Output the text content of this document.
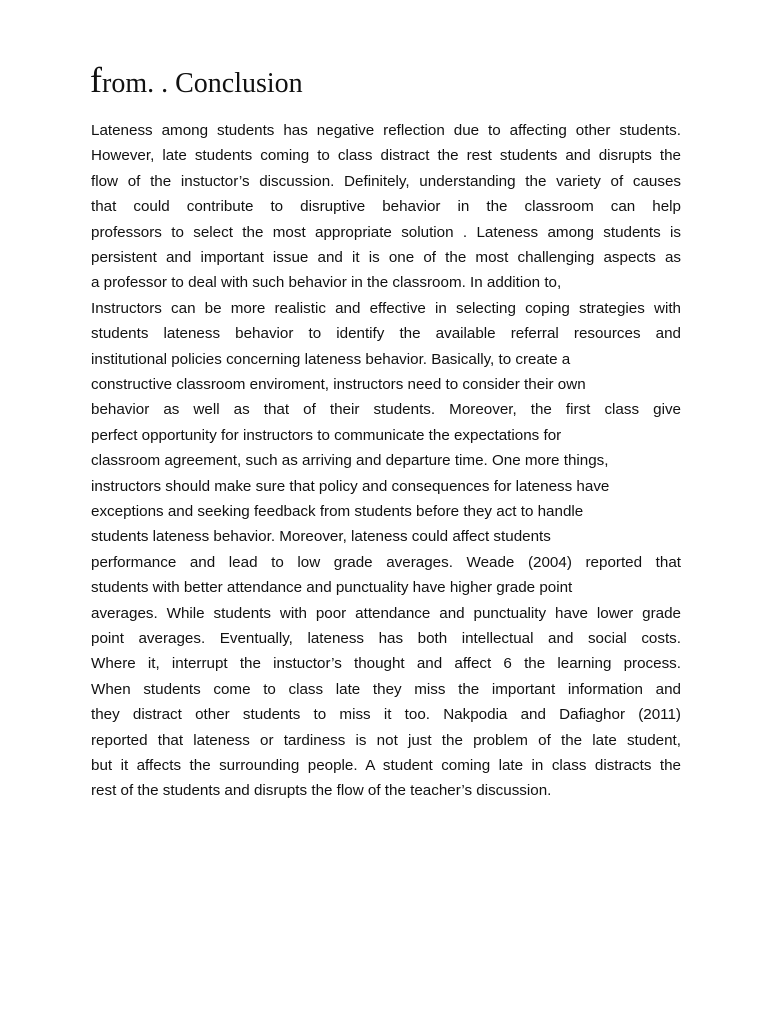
from. . Conclusion
Lateness among students has negative reflection due to affecting other students.
However, late students coming to class distract the rest students and disrupts the
flow of the instuctor’s discussion. Definitely, understanding the variety of causes
that could contribute to disruptive behavior in the classroom can help
professors to select the most appropriate solution . Lateness among students is
persistent and important issue and it is one of the most challenging aspects as
a professor to deal with such behavior in the classroom. In addition to,
Instructors can be more realistic and effective in selecting coping strategies with
students lateness behavior to identify the available referral resources and
institutional policies concerning lateness behavior. Basically, to create a
constructive classroom enviroment, instructors need to consider their own
behavior as well as that of their students. Moreover, the first class give
perfect opportunity for instructors to communicate the expectations for
classroom agreement, such as arriving and departure time. One more things,
instructors should make sure that policy and consequences for lateness have
exceptions and seeking feedback from students before they act to handle
students lateness behavior. Moreover, lateness could affect students
performance and lead to low grade averages. Weade (2004) reported that
students with better attendance and punctuality have higher grade point
averages. While students with poor attendance and punctuality have lower grade
point averages. Eventually, lateness has both intellectual and social costs.
Where it, interrupt the instuctor’s thought and affect 6 the learning process.
When students come to class late they miss the important information and
they distract other students to miss it too. Nakpodia and Dafiaghor (2011)
reported that lateness or tardiness is not just the problem of the late student,
but it affects the surrounding people. A student coming late in class distracts the
rest of the students and disrupts the flow of the teacher’s discussion.
